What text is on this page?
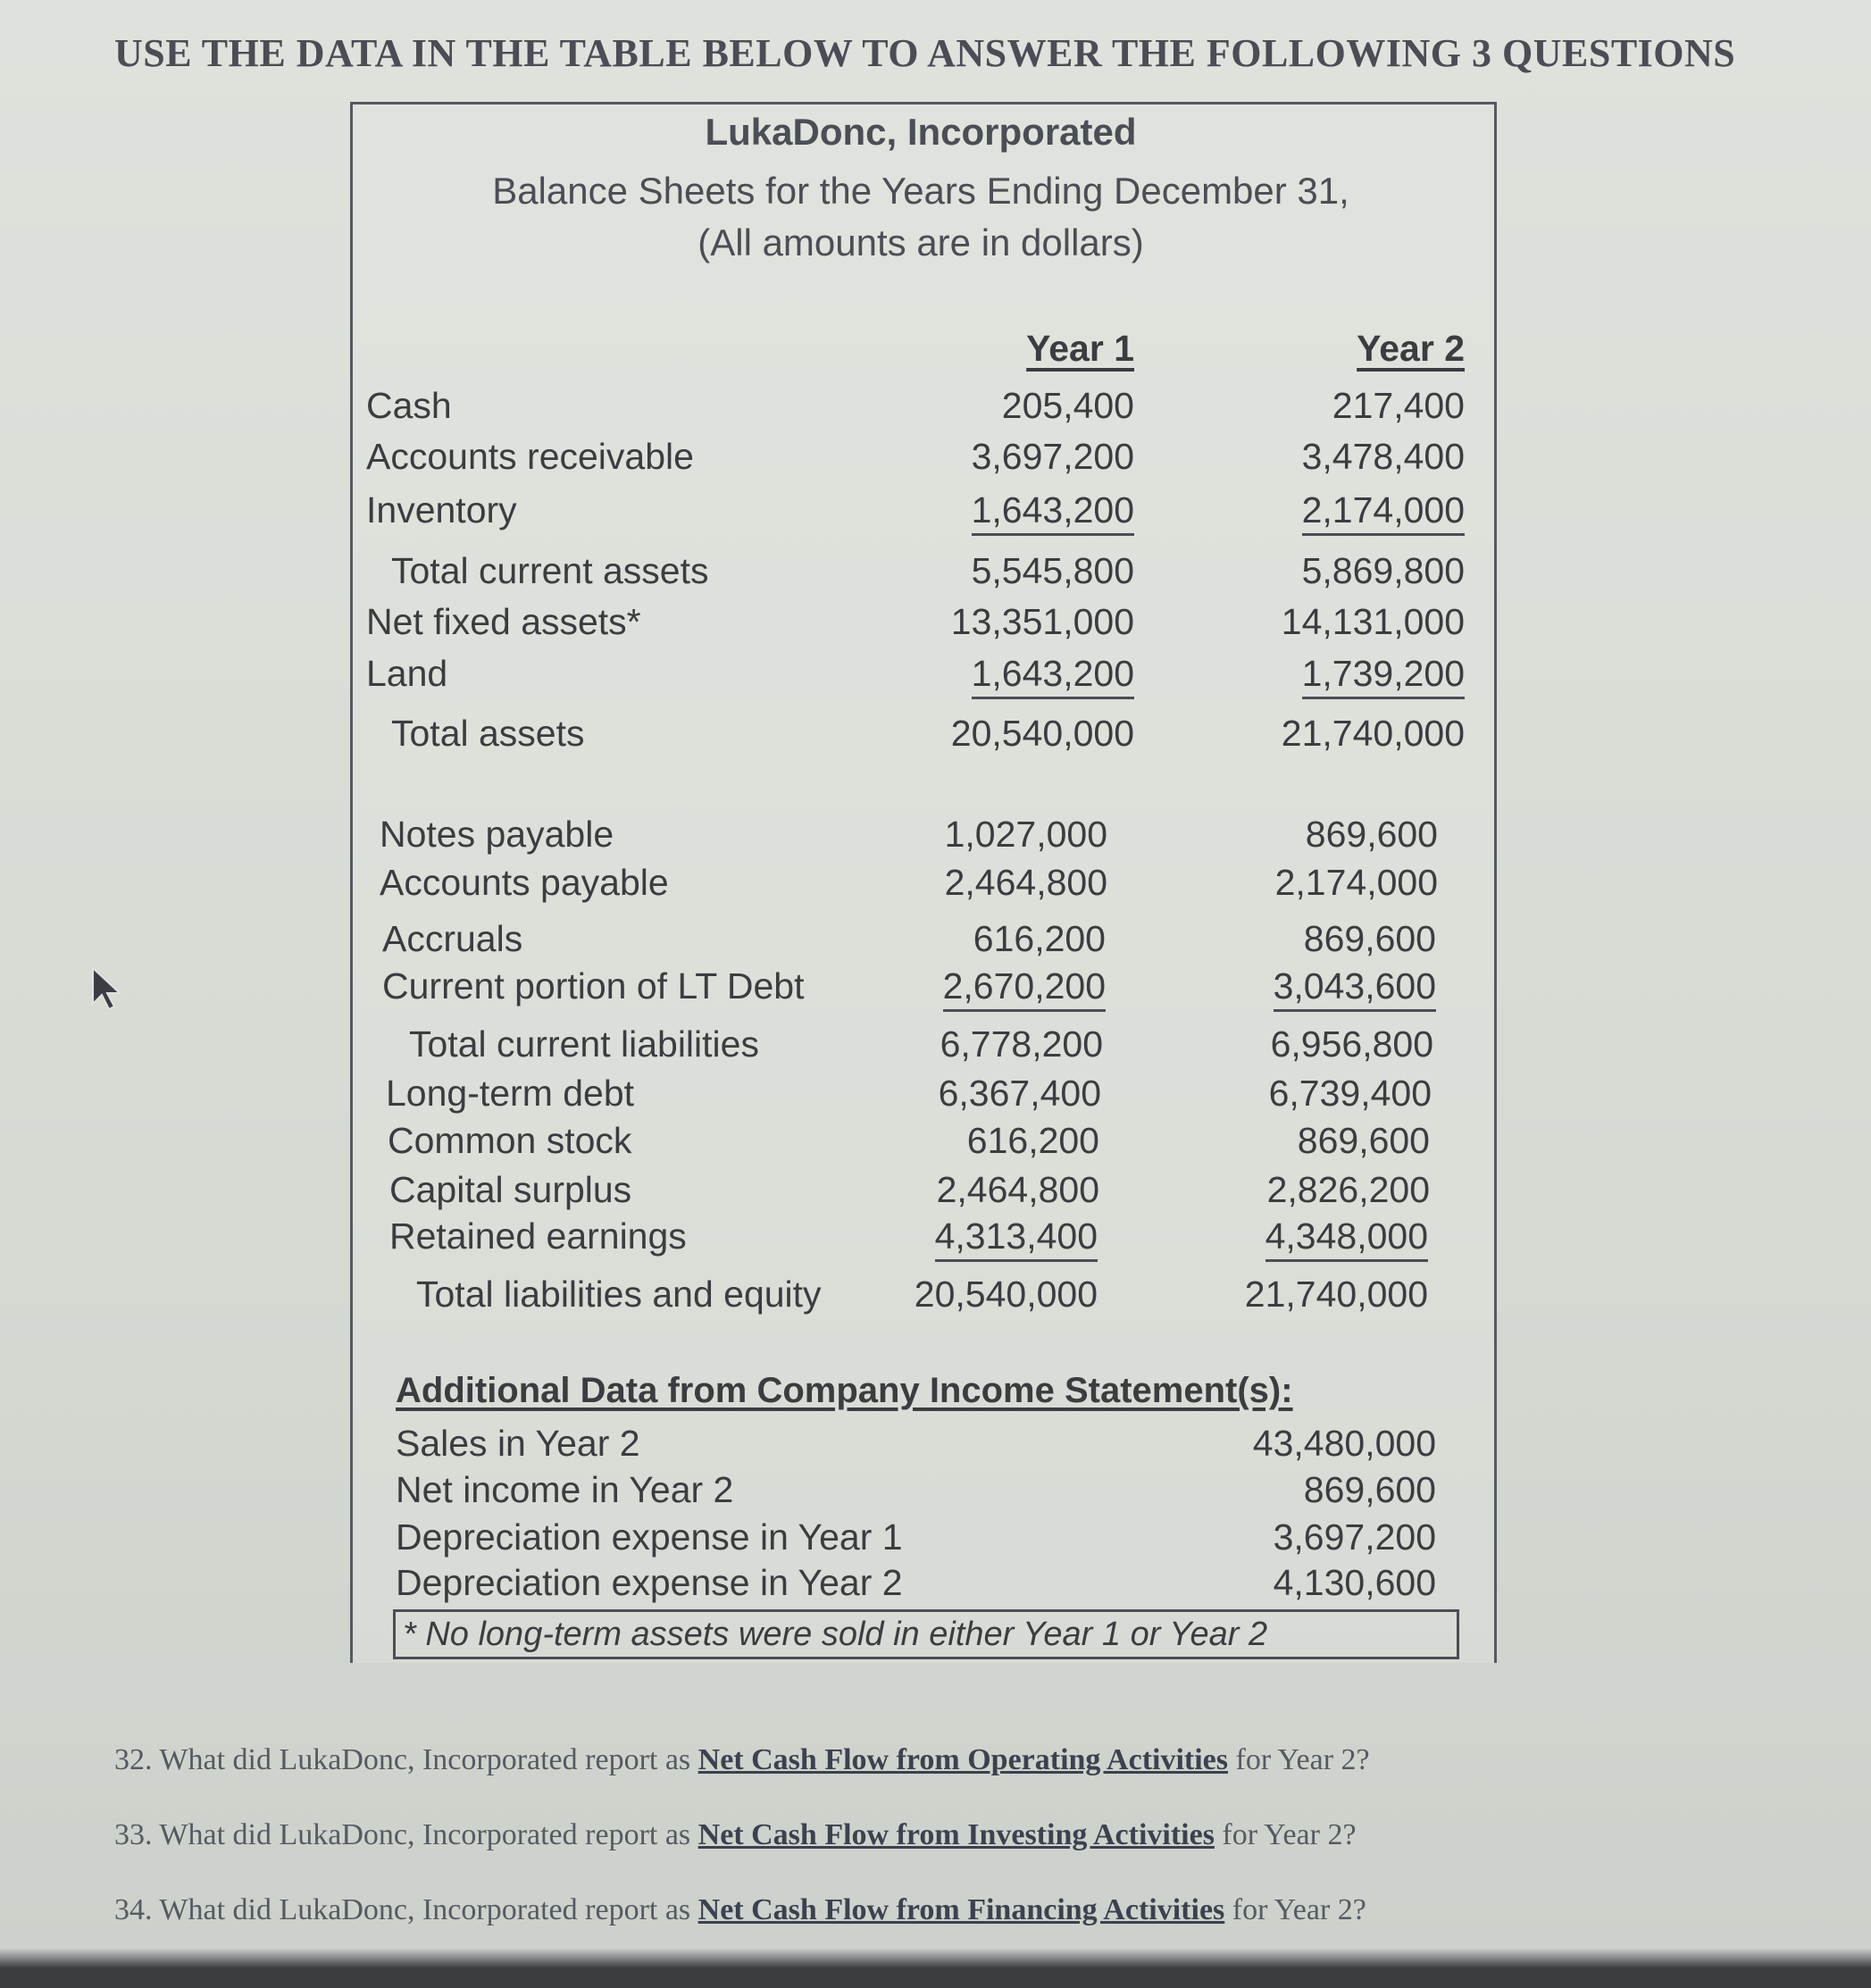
USE THE DATA IN THE TABLE BELOW TO ANSWER THE FOLLOWING 3 QUESTIONS
LukaDonc, Incorporated
Balance Sheets for the Years Ending December 31,
(All amounts are in dollars)
Year 1	Year 2
Cash	205,400	217,400
Accounts receivable	3,697,200	3,478,400
Inventory	1,643,200	2,174,000
Total current assets	5,545,800	5,869,800
Net fixed assets*	13,351,000	14,131,000
Land	1,643,200	1,739,200
Total assets	20,540,000	21,740,000
Notes payable	1,027,000	869,600
Accounts payable	2,464,800	2,174,000
Accruals	616,200	869,600
Current portion of LT Debt	2,670,200	3,043,600
Total current liabilities	6,778,200	6,956,800
Long-term debt	6,367,400	6,739,400
Common stock	616,200	869,600
Capital surplus	2,464,800	2,826,200
Retained earnings	4,313,400	4,348,000
Total liabilities and equity	20,540,000	21,740,000
Additional Data from Company Income Statement(s):
Sales in Year 2	43,480,000
Net income in Year 2	869,600
Depreciation expense in Year 1	3,697,200
Depreciation expense in Year 2	4,130,600
* No long-term assets were sold in either Year 1 or Year 2
32. What did LukaDonc, Incorporated report as Net Cash Flow from Operating Activities for Year 2?
33. What did LukaDonc, Incorporated report as Net Cash Flow from Investing Activities for Year 2?
34. What did LukaDonc, Incorporated report as Net Cash Flow from Financing Activities for Year 2?
